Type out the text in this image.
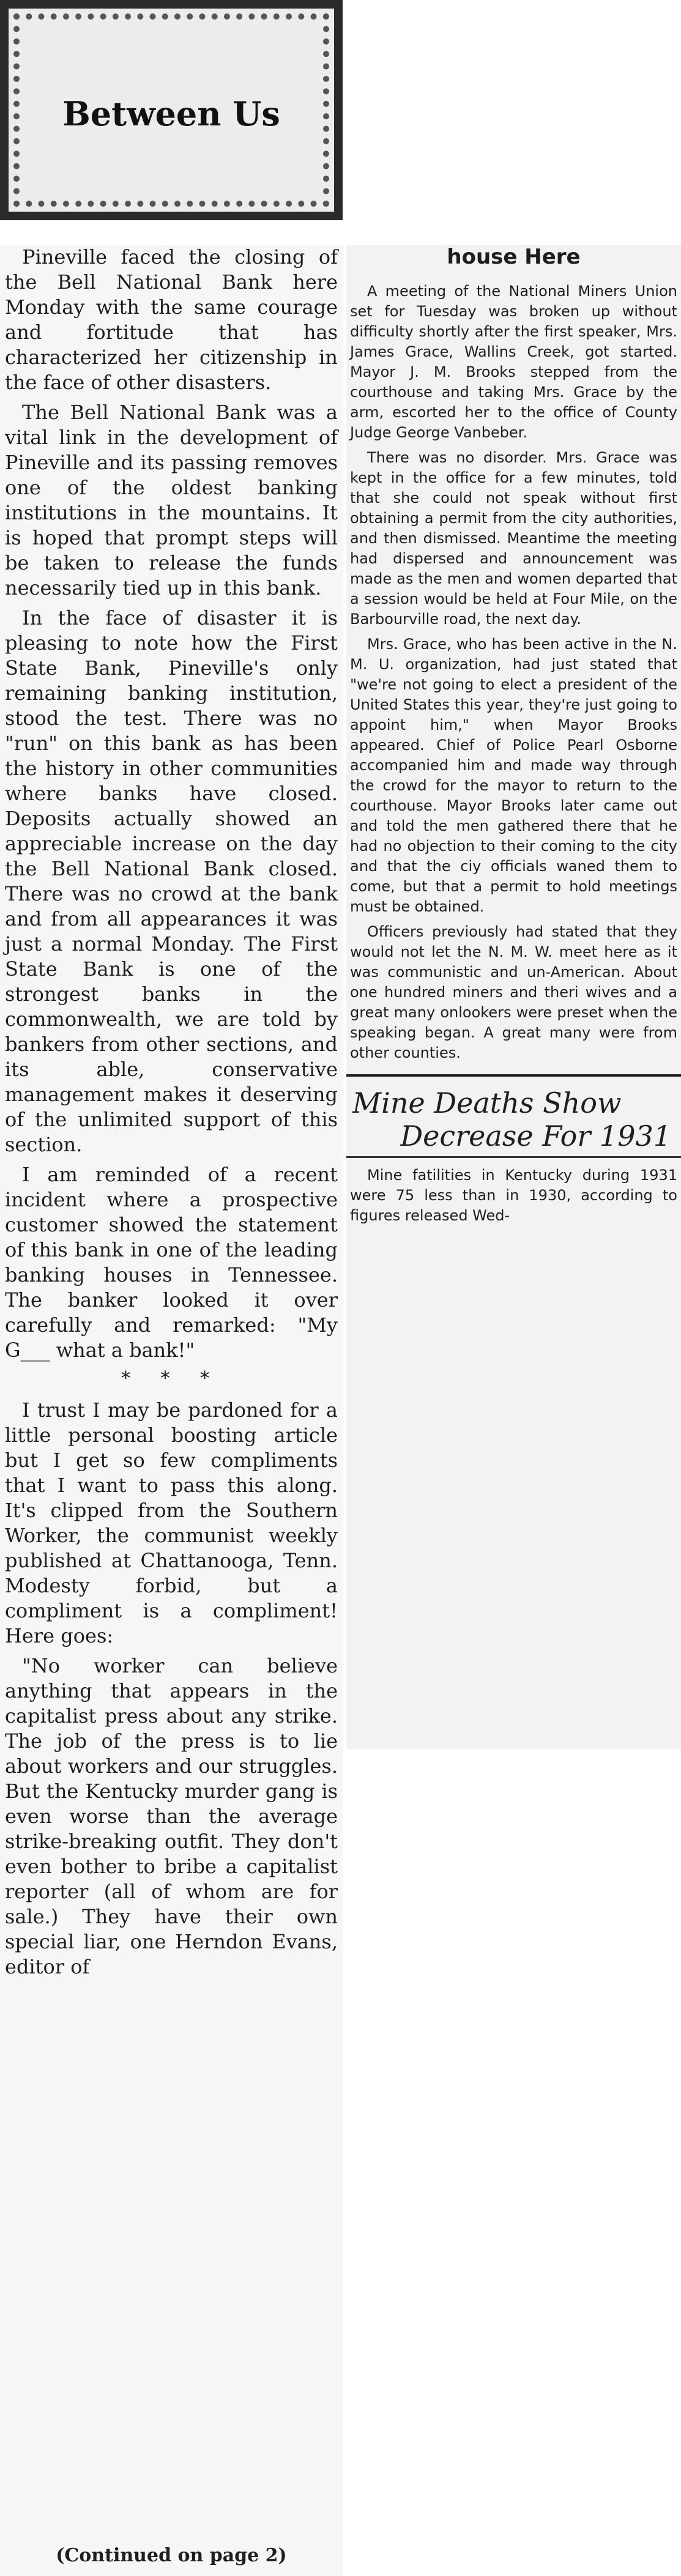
Between Us

Pineville faced the closing of the Bell National Bank here Monday with the same courage and fortitude that has characterized her citizenship in the face of other disasters.

The Bell National Bank was a vital link in the development of Pineville and its passing removes one of the oldest banking institutions in the mountains. It is hoped that prompt steps will be taken to release the funds necessarily tied up in this bank.

In the face of disaster it is pleasing to note how the First State Bank, Pineville's only remaining banking institution, stood the test. There was no "run" on this bank as has been the history in other communities where banks have closed. Deposits actually showed an appreciable increase on the day the Bell National Bank closed. There was no crowd at the bank and from all appearances it was just a normal Monday. The First State Bank is one of the strongest banks in the commonwealth, we are told by bankers from other sections, and its able, conservative management makes it deserving of the unlimited support of this section.

I am reminded of a recent incident where a prospective customer showed the statement of this bank in one of the leading banking houses in Tennessee. The banker looked it over carefully and remarked: "My G___ what a bank!"

* * *

I trust I may be pardoned for a little personal boosting article but I get so few compliments that I want to pass this along. It's clipped from the Southern Worker, the communist weekly published at Chattanooga, Tenn. Modesty forbid, but a compliment is a compliment! Here goes:

"No worker can believe anything that appears in the capitalist press about any strike. The job of the press is to lie about workers and our struggles. But the Kentucky murder gang is even worse than the average strike-breaking outfit. They don't even bother to bribe a capitalist reporter (all of whom are for sale.) They have their own special liar, one Herndon Evans, editor of

(Continued on page 2)
house Here

A meeting of the National Miners Union set for Tuesday was broken up without difficulty shortly after the first speaker, Mrs. James Grace, Wallins Creek, got started. Mayor J. M. Brooks stepped from the courthouse and taking Mrs. Grace by the arm, escorted her to the office of County Judge George Vanbeber.

There was no disorder. Mrs. Grace was kept in the office for a few minutes, told that she could not speak without first obtaining a permit from the city authorities, and then dismissed. Meantime the meeting had dispersed and announcement was made as the men and women departed that a session would be held at Four Mile, on the Barbourville road, the next day.

Mrs. Grace, who has been active in the N. M. U. organization, had just stated that "we're not going to elect a president of the United States this year, they're just going to appoint him," when Mayor Brooks appeared. Chief of Police Pearl Osborne accompanied him and made way through the crowd for the mayor to return to the courthouse. Mayor Brooks later came out and told the men gathered there that he had no objection to their coming to the city and that the ciy officials waned them to come, but that a permit to hold meetings must be obtained.

Officers previously had stated that they would not let the N. M. W. meet here as it was communistic and un-American. About one hundred miners and theri wives and a great many onlookers were preset when the speaking began. A great many were from other counties.

Mine Deaths Show
Decrease For 1931

Mine fatilities in Kentucky during 1931 were 75 less than in 1930, according to figures released Wed-
